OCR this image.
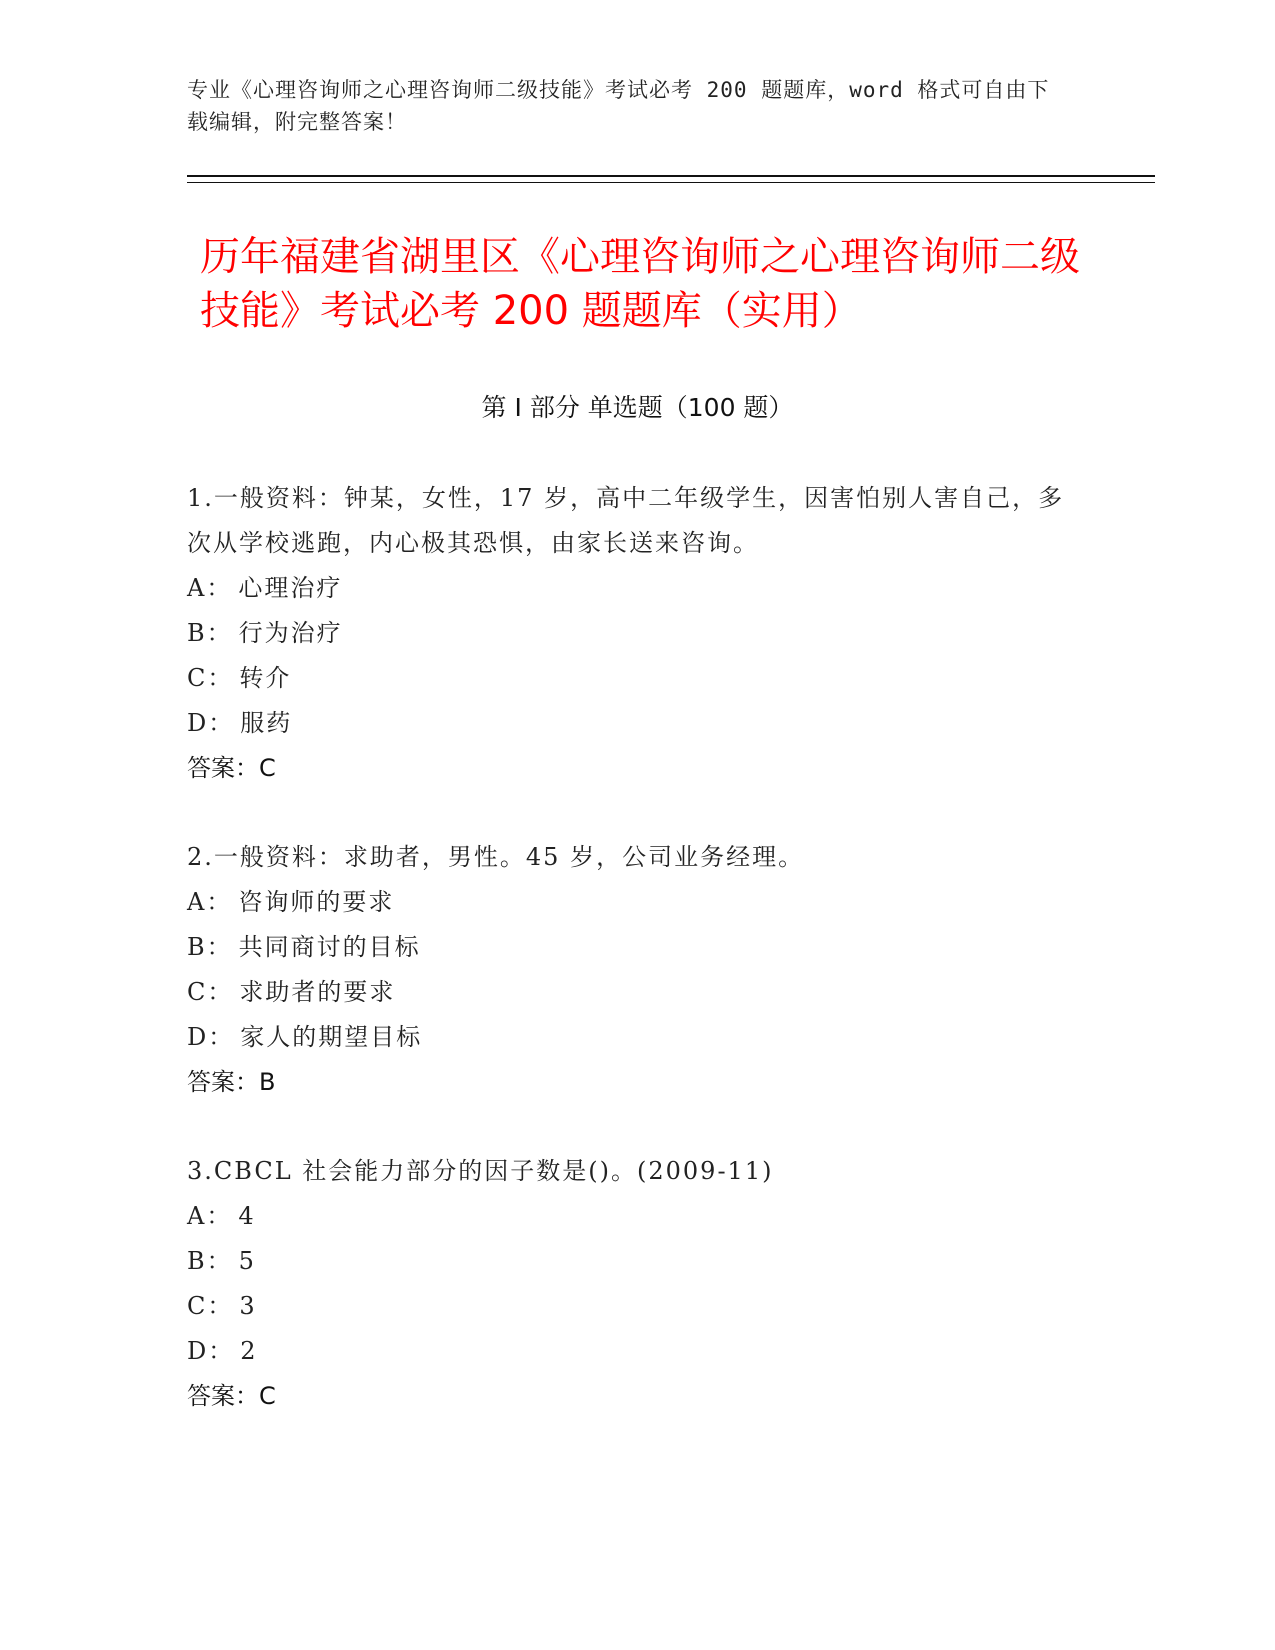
专业《心理咨询师之心理咨询师二级技能》考试必考 200 题题库，word 格式可自由下载编辑，附完整答案！
历年福建省湖里区《心理咨询师之心理咨询师二级技能》考试必考 200 题题库（实用）
第 I 部分 单选题（100 题）
1.一般资料：钟某，女性，17 岁，高中二年级学生，因害怕别人害自己，多次从学校逃跑，内心极其恐惧，由家长送来咨询。
A： 心理治疗
B： 行为治疗
C： 转介
D： 服药
答案：C
2.一般资料：求助者，男性。45 岁，公司业务经理。
A： 咨询师的要求
B： 共同商讨的目标
C： 求助者的要求
D： 家人的期望目标
答案：B
3.CBCL 社会能力部分的因子数是()。(2009-11)
A： 4
B： 5
C： 3
D： 2
答案：C
